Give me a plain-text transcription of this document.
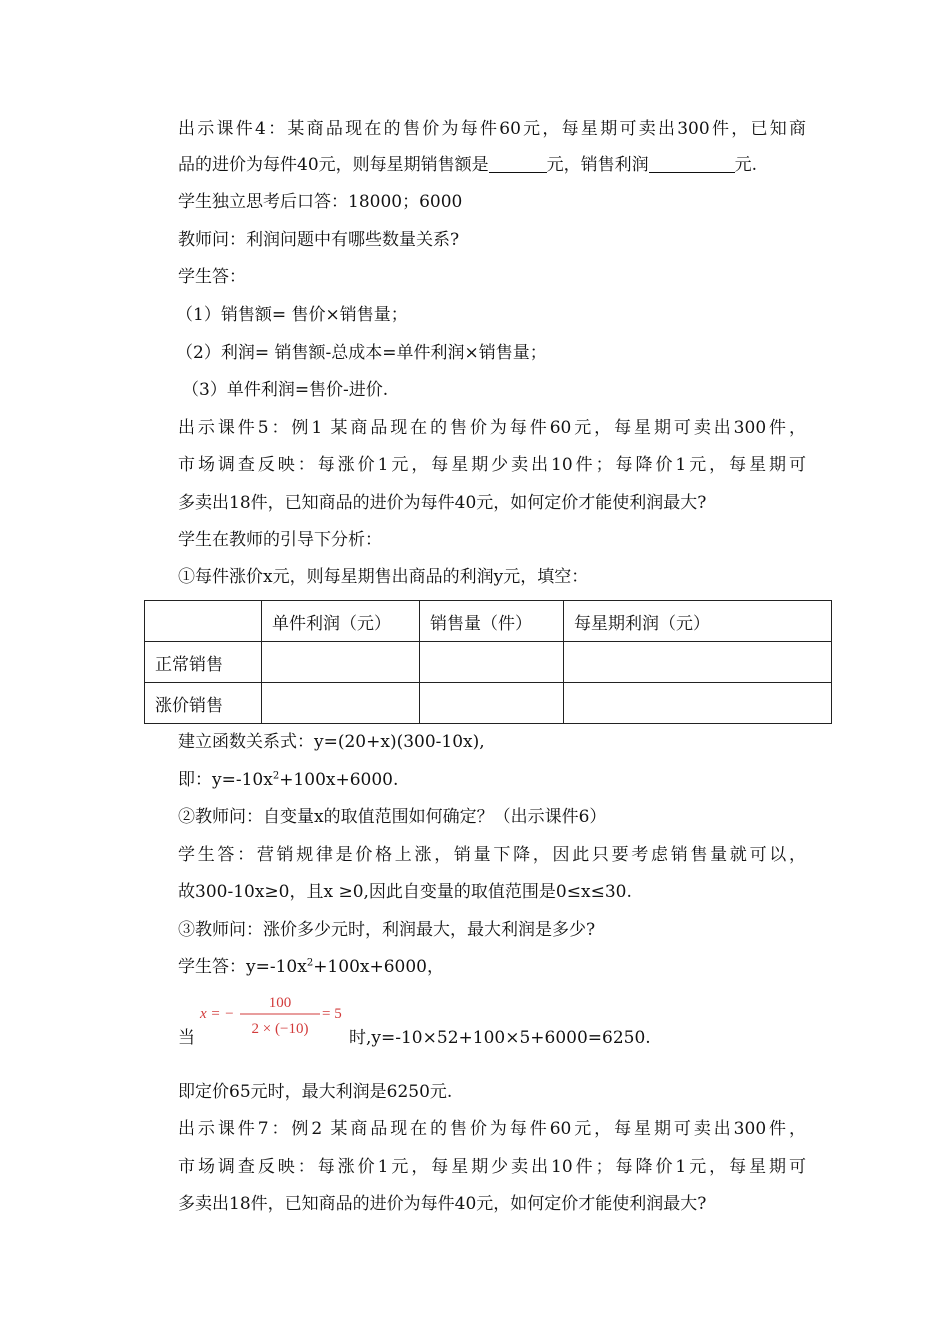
出示课件4：某商品现在的售价为每件60元，每星期可卖出300件，已知商
品的进价为每件40元，则每星期销售额是	元，销售利润	元.
学生独立思考后口答：18000；6000
教师问：利润问题中有哪些数量关系?
学生答：
（1）销售额= 售价×销售量；
（2）利润= 销售额-总成本=单件利润×销售量；
（3）单件利润=售价-进价.
出示课件5：例1 某商品现在的售价为每件60元，每星期可卖出300件，
市场调查反映：每涨价1元，每星期少卖出10件；每降价1元，每星期可
多卖出18件，已知商品的进价为每件40元，如何定价才能使利润最大?
学生在教师的引导下分析：
①每件涨价x元，则每星期售出商品的利润y元，填空：
	单件利润（元）	销售量（件）	每星期利润（元）
正常销售			
涨价销售			
建立函数关系式：y=(20+x)(300-10x),
即：$y=-10x^2+100x+6000$.
②教师问：自变量x的取值范围如何确定？（出示课件6）
学生答：营销规律是价格上涨，销量下降，因此只要考虑销售量就可以，
故300-10x≥0，且x ≥0,因此自变量的取值范围是0≤x≤30.
③教师问：涨价多少元时，利润最大，最大利润是多少?
学生答：$y=-10x^2+100x+6000$，
当
x = −
100
2 × (−10)
= 5
时,y=-10×52+100×5+6000=6250.
即定价65元时，最大利润是6250元.
出示课件7：例2 某商品现在的售价为每件60元，每星期可卖出300件，
市场调查反映：每涨价1元，每星期少卖出10件；每降价1元，每星期可
多卖出18件，已知商品的进价为每件40元，如何定价才能使利润最大?
